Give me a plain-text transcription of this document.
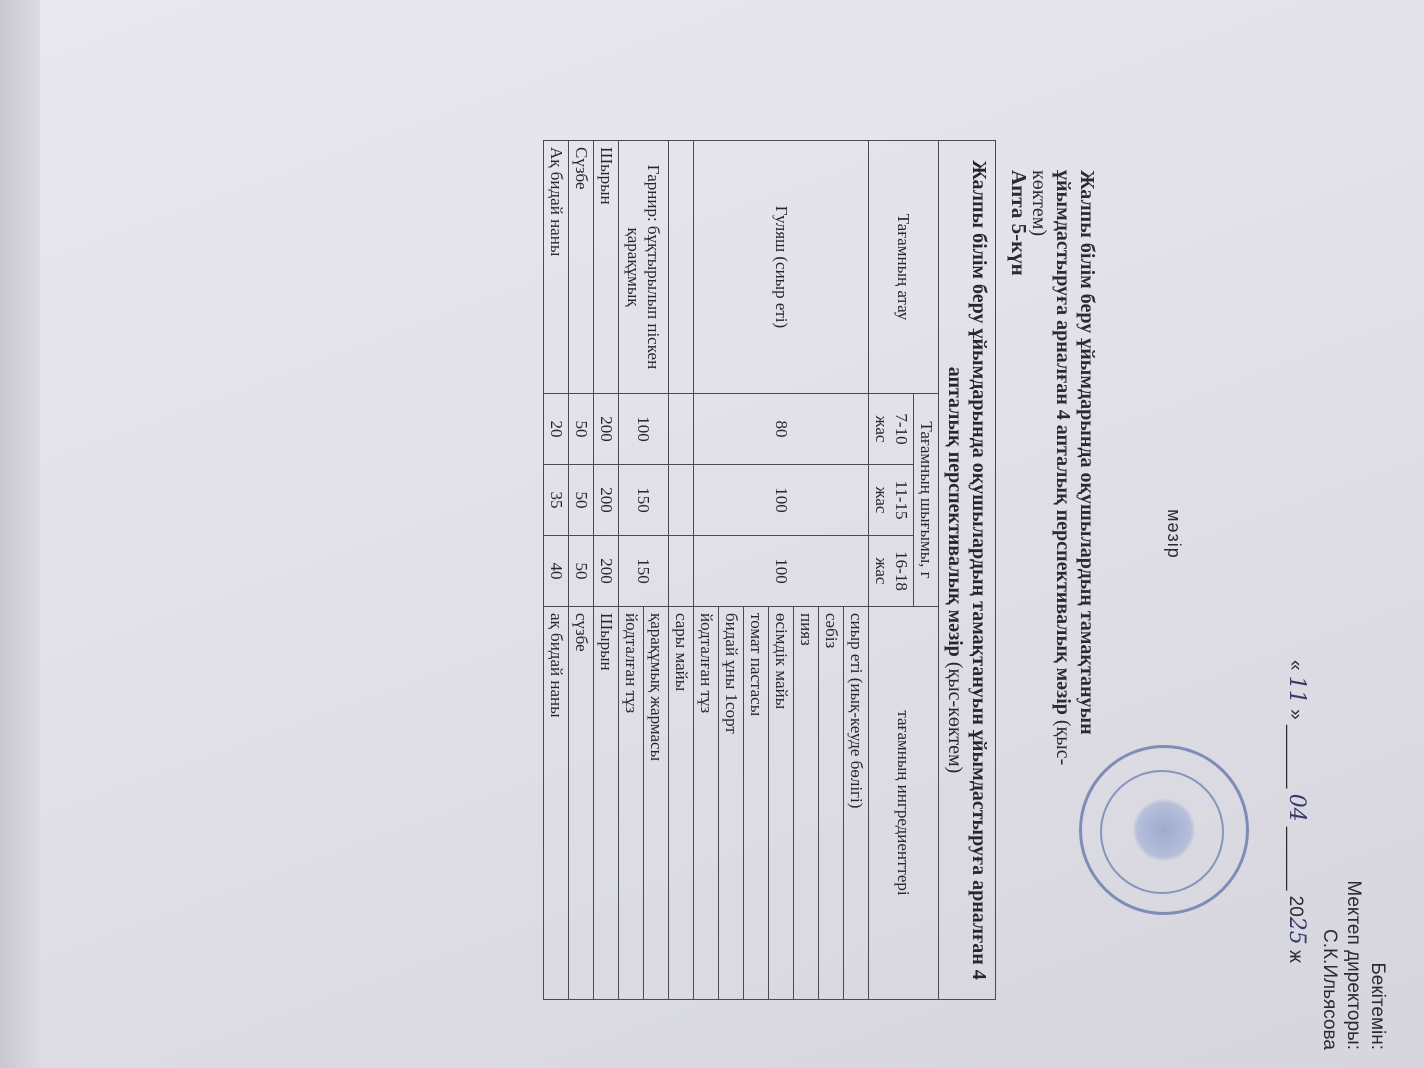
Бекітемін:
Мектеп директоры:
С.К.Ильясова
« 11 » ______ 04 ______ 2025 ж
мәзір
Жалпы білім беру ұйымдарында оқушылардың тамақтануын ұйымдастыруға арналған 4 апталық перспективалық мәзір (қыс-көктем)
Апта 5-күн
Жалпы білім беру ұйымдарында оқушылардың тамақтануын ұйымдастыруға арналған 4 апталық перспективалық мәзір (қыс-көктем)				
Тағамның атау	Тағамның шығымы, г			тағамның ингредиенттері
	7-10 жас	11-15 жас	16-18 жас	
Гуляш (сиыр еті)	80	100	100	сиыр еті (иық-кеуде бөлігі)
				сәбіз
				пияз
				өсімдік майы
				томат пастасы
				бидай ұны 1сорт
				йодталған тұз
				сары майы
Гарнир: бұқтырылып піскен қарақұмық	100	150	150	қарақұмық жармасы
				йодталған тұз
Шырын	200	200	200	Шырын
Сүзбе	50	50	50	сүзбе
Ақ бидай наны	20	35	40	ақ бидай наны
